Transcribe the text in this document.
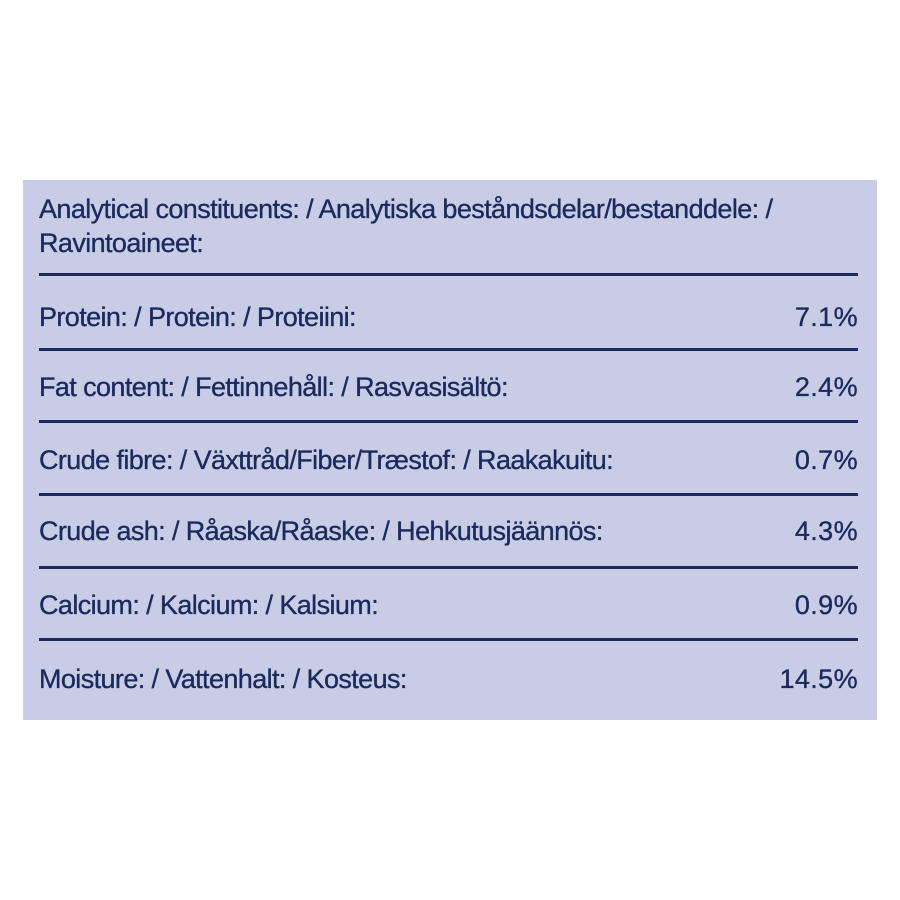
Analytical constituents: / Analytiska beståndsdelar/bestanddele: /
Ravintoaineet:
Protein: / Protein: / Proteiini:	7.1%
Fat content: / Fettinnehåll: / Rasvasisältö:	2.4%
Crude fibre: / Växttråd/Fiber/Træstof: / Raakakuitu:	0.7%
Crude ash: / Råaska/Råaske: / Hehkutusjäännös:	4.3%
Calcium: / Kalcium: / Kalsium:	0.9%
Moisture: / Vattenhalt: / Kosteus:	14.5%
